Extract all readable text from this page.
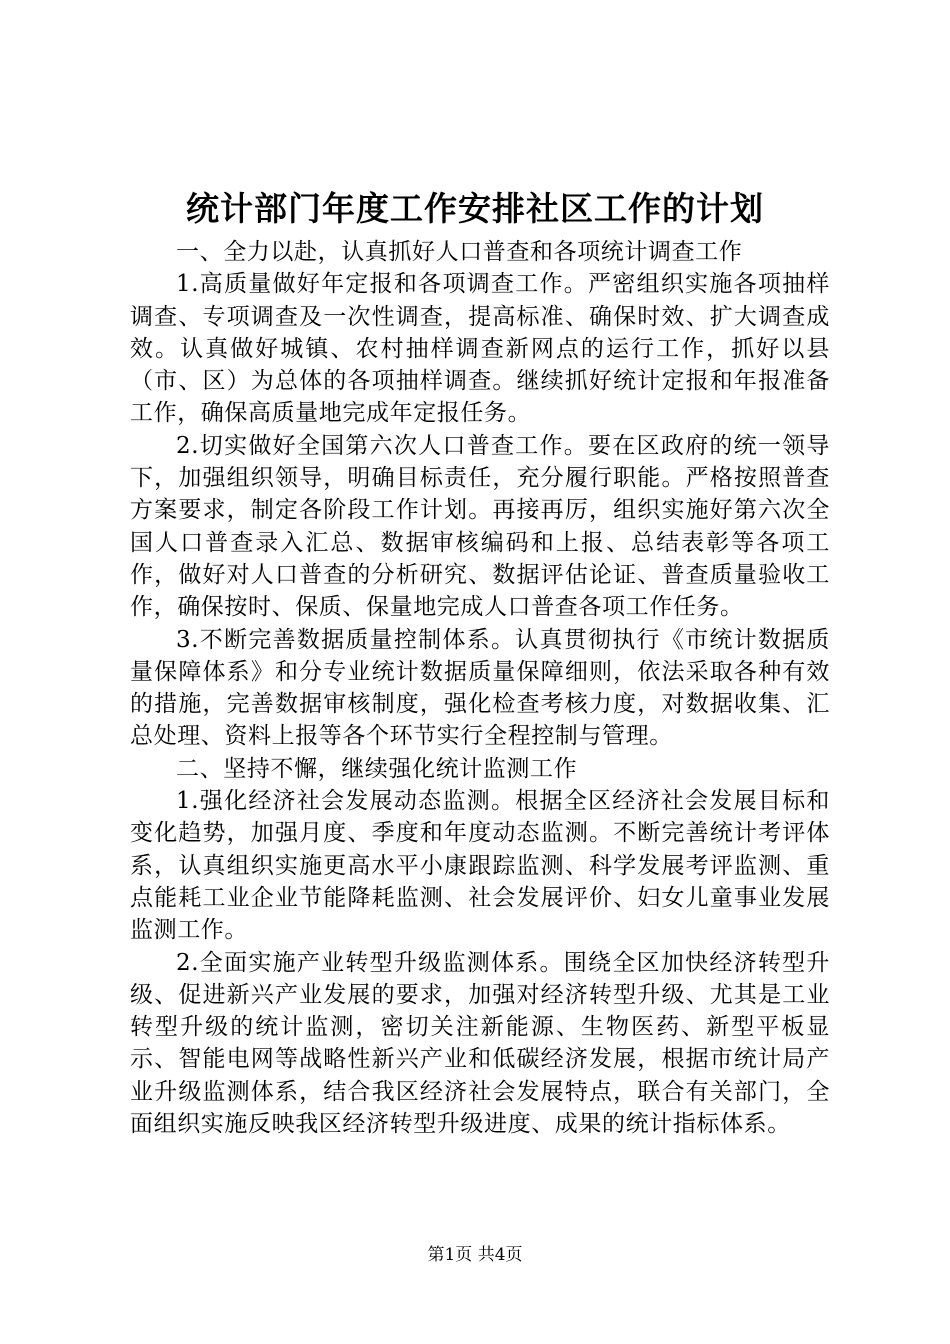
统计部门年度工作安排社区工作的计划

一、全力以赴，认真抓好人口普查和各项统计调查工作

1.高质量做好年定报和各项调查工作。严密组织实施各项抽样调查、专项调查及一次性调查，提高标准、确保时效、扩大调查成效。认真做好城镇、农村抽样调查新网点的运行工作，抓好以县（市、区）为总体的各项抽样调查。继续抓好统计定报和年报准备工作，确保高质量地完成年定报任务。

2.切实做好全国第六次人口普查工作。要在区政府的统一领导下，加强组织领导，明确目标责任，充分履行职能。严格按照普查方案要求，制定各阶段工作计划。再接再厉，组织实施好第六次全国人口普查录入汇总、数据审核编码和上报、总结表彰等各项工作，做好对人口普查的分析研究、数据评估论证、普查质量验收工作，确保按时、保质、保量地完成人口普查各项工作任务。

3.不断完善数据质量控制体系。认真贯彻执行《市统计数据质量保障体系》和分专业统计数据质量保障细则，依法采取各种有效的措施，完善数据审核制度，强化检查考核力度，对数据收集、汇总处理、资料上报等各个环节实行全程控制与管理。

二、坚持不懈，继续强化统计监测工作

1.强化经济社会发展动态监测。根据全区经济社会发展目标和变化趋势，加强月度、季度和年度动态监测。不断完善统计考评体系，认真组织实施更高水平小康跟踪监测、科学发展考评监测、重点能耗工业企业节能降耗监测、社会发展评价、妇女儿童事业发展监测工作。

2.全面实施产业转型升级监测体系。围绕全区加快经济转型升级、促进新兴产业发展的要求，加强对经济转型升级、尤其是工业转型升级的统计监测，密切关注新能源、生物医药、新型平板显示、智能电网等战略性新兴产业和低碳经济发展，根据市统计局产业升级监测体系，结合我区经济社会发展特点，联合有关部门，全面组织实施反映我区经济转型升级进度、成果的统计指标体系。

第1页 共4页
